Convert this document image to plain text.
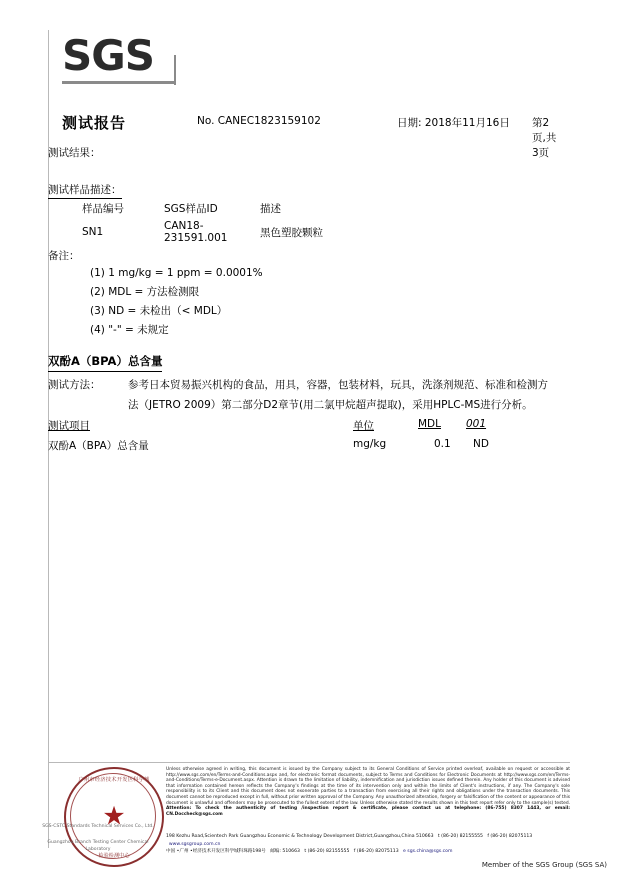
SGS
测试报告	No. CANEC1823159102	日期: 2018年11月16日 第2页,共3页
测试结果：
测试样品描述：
样品编号	SGS样品ID	描述
SN1	CAN18-231591.001	黑色塑胶颗粒
备注：
(1) 1 mg/kg = 1 ppm = 0.0001%
(2) MDL = 方法检测限
(3) ND = 未检出（< MDL）
(4) "-" = 未规定
双酚A（BPA）总含量
测试方法：	参考日本贸易振兴机构的食品，用具，容器，包装材料，玩具，洗涤剂规范、标准和检测方法（JETRO 2009）第二部分D2章节(用二氯甲烷超声提取)，采用HPLC-MS进行分析。
测试项目	单位	MDL 001
双酚A（BPA）总含量	mg/kg	0.1 ND
广州市经济技术开发区科学城
★
检验检测中心
SGS-CSTC Standards Technical Services Co., Ltd.
Guangzhou Branch Testing Center Chemical Laboratory
Unless otherwise agreed in writing, this document is issued by the Company subject to its General Conditions of Service printed overleaf, available on request or accessible at http://www.sgs.com/en/Terms-and-Conditions.aspx and, for electronic format documents, subject to Terms and Conditions for Electronic Documents at http://www.sgs.com/en/Terms-and-Conditions/Terms-e-Document.aspx. Attention is drawn to the limitation of liability, indemnification and jurisdiction issues defined therein. Any holder of this document is advised that information contained hereon reflects the Company's findings at the time of its intervention only and within the limits of Client's instructions, if any. The Company's sole responsibility is to its Client and this document does not exonerate parties to a transaction from exercising all their rights and obligations under the transaction documents. This document cannot be reproduced except in full, without prior written approval of the Company. Any unauthorized alteration, forgery or falsification of the content or appearance of this document is unlawful and offenders may be prosecuted to the fullest extent of the law. Unless otherwise stated the results shown in this test report refer only to the sample(s) tested. Attention: To check the authenticity of testing /inspection report & certificate, please contact us at telephone: (86-755) 8307 1443, or email: CN.Doccheck@sgs.com
198 Kezhu Road,Scientech Park Guangzhou Economic & Technology Development District,Guangzhou,China 510663 t (86-20) 82155555 f (86-20) 82075113   www.sgsgroup.com.cn
中国 •广州 •经济技术开发区科学城科珠路198号 邮编: 510663 t (86-20) 82155555 f (86-20) 82075113 e sgs.china@sgs.com
Member of the SGS Group (SGS SA)
